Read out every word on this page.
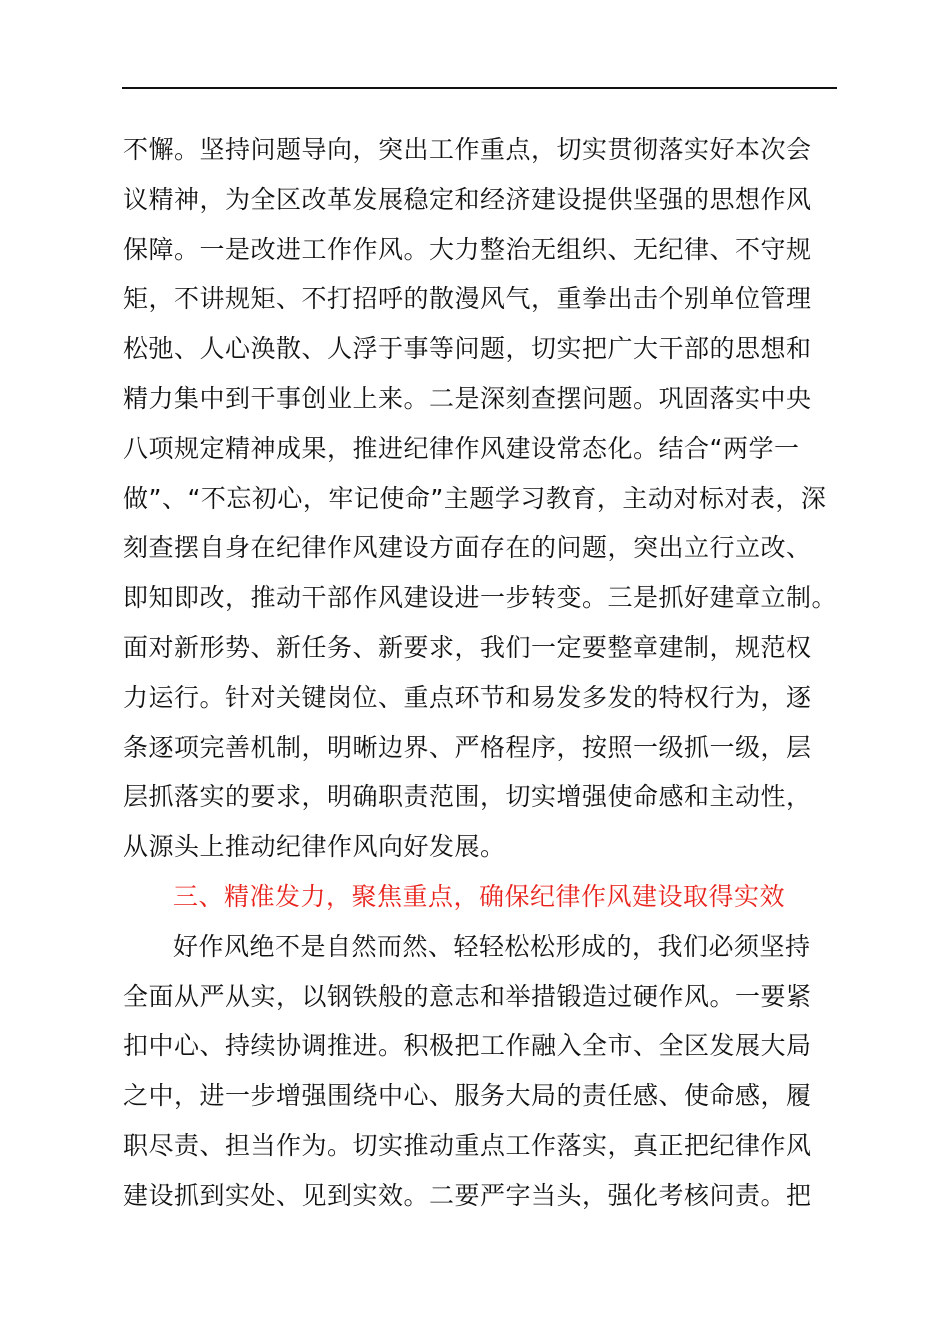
不懈。坚持问题导向，突出工作重点，切实贯彻落实好本次会
议精神，为全区改革发展稳定和经济建设提供坚强的思想作风
保障。一是改进工作作风。大力整治无组织、无纪律、不守规
矩，不讲规矩、不打招呼的散漫风气，重拳出击个别单位管理
松弛、人心涣散、人浮于事等问题，切实把广大干部的思想和
精力集中到干事创业上来。二是深刻查摆问题。巩固落实中央
八项规定精神成果，推进纪律作风建设常态化。结合“两学一
做”、“不忘初心，牢记使命”主题学习教育，主动对标对表，深
刻查摆自身在纪律作风建设方面存在的问题，突出立行立改、
即知即改，推动干部作风建设进一步转变。三是抓好建章立制。
面对新形势、新任务、新要求，我们一定要整章建制，规范权
力运行。针对关键岗位、重点环节和易发多发的特权行为，逐
条逐项完善机制，明晰边界、严格程序，按照一级抓一级，层
层抓落实的要求，明确职责范围，切实增强使命感和主动性，
从源头上推动纪律作风向好发展。
三、精准发力，聚焦重点，确保纪律作风建设取得实效
好作风绝不是自然而然、轻轻松松形成的，我们必须坚持
全面从严从实，以钢铁般的意志和举措锻造过硬作风。一要紧
扣中心、持续协调推进。积极把工作融入全市、全区发展大局
之中，进一步增强围绕中心、服务大局的责任感、使命感，履
职尽责、担当作为。切实推动重点工作落实，真正把纪律作风
建设抓到实处、见到实效。二要严字当头，强化考核问责。把
